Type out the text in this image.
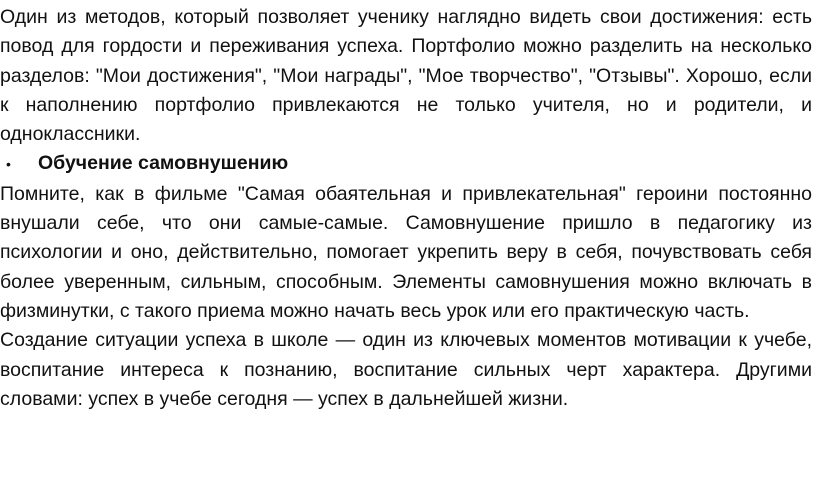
Один из методов, который позволяет ученику наглядно видеть свои достижения: есть повод для гордости и переживания успеха. Портфолио можно разделить на несколько разделов: "Мои достижения", "Мои награды", "Мое творчество", "Отзывы". Хорошо, если к наполнению портфолио привлекаются не только учителя, но и родители, и одноклассники.

•	Обучение самовнушению

Помните, как в фильме "Самая обаятельная и привлекательная" героини постоянно внушали себе, что они самые-самые. Самовнушение пришло в педагогику из психологии и оно, действительно, помогает укрепить веру в себя, почувствовать себя более уверенным, сильным, способным. Элементы самовнушения можно включать в физминутки, с такого приема можно начать весь урок или его практическую часть.

Создание ситуации успеха в школе — один из ключевых моментов мотивации к учебе, воспитание интереса к познанию, воспитание сильных черт характера. Другими словами: успех в учебе сегодня — успех в дальнейшей жизни.
